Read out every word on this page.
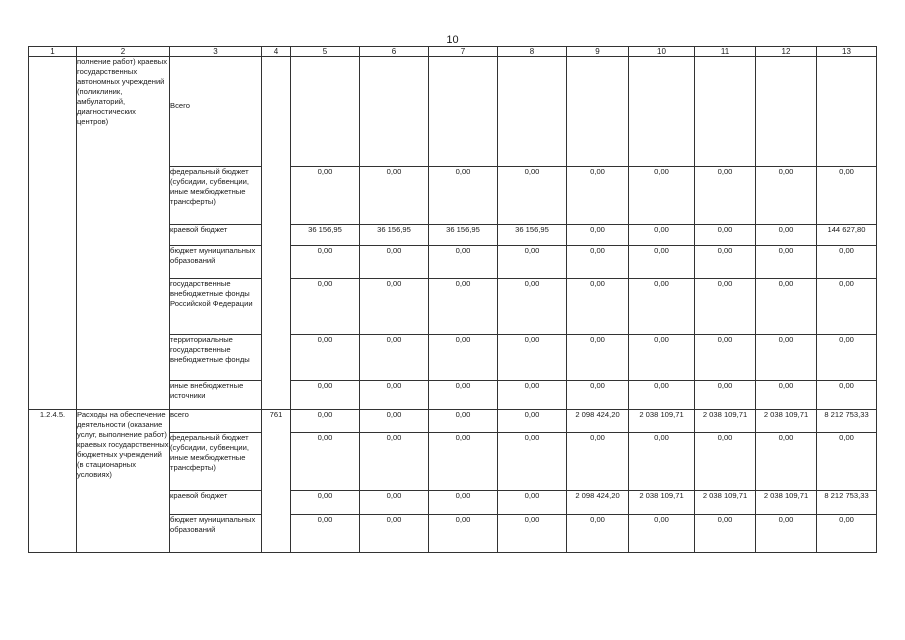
10
1	2	3	4	5	6	7	8	9	10	11	12	13
	полнение работ) краевых государственных автономных учреждений (поликлиник, амбулаторий, диагностических центров)	Всего										

		федеральный бюджет (субсидии, субвенции, иные межбюджетные трансферты)		0,00	0,00	0,00	0,00	0,00	0,00	0,00	0,00	0,00
		краевой бюджет		36 156,95	36 156,95	36 156,95	36 156,95	0,00	0,00	0,00	0,00	144 627,80
		бюджет муниципальных образований		0,00	0,00	0,00	0,00	0,00	0,00	0,00	0,00	0,00
		государственные внебюджетные фонды Российской Федерации		0,00	0,00	0,00	0,00	0,00	0,00	0,00	0,00	0,00
		территориальные государственные внебюджетные фонды		0,00	0,00	0,00	0,00	0,00	0,00	0,00	0,00	0,00
		иные внебюджетные источники		0,00	0,00	0,00	0,00	0,00	0,00	0,00	0,00	0,00
1.2.4.5.	Расходы на обеспечение деятельности (оказание услуг, выполнение работ) краевых государственных бюджетных учреждений (в стационарных условиях)	всего	761	0,00	0,00	0,00	0,00	2 098 424,20	2 038 109,71	2 038 109,71	2 038 109,71	8 212 753,33
		федеральный бюджет (субсидии, субвенции, иные межбюджетные трансферты)		0,00	0,00	0,00	0,00	0,00	0,00	0,00	0,00	0,00
		краевой бюджет		0,00	0,00	0,00	0,00	2 098 424,20	2 038 109,71	2 038 109,71	2 038 109,71	8 212 753,33
		бюджет муниципальных образований		0,00	0,00	0,00	0,00	0,00	0,00	0,00	0,00	0,00
